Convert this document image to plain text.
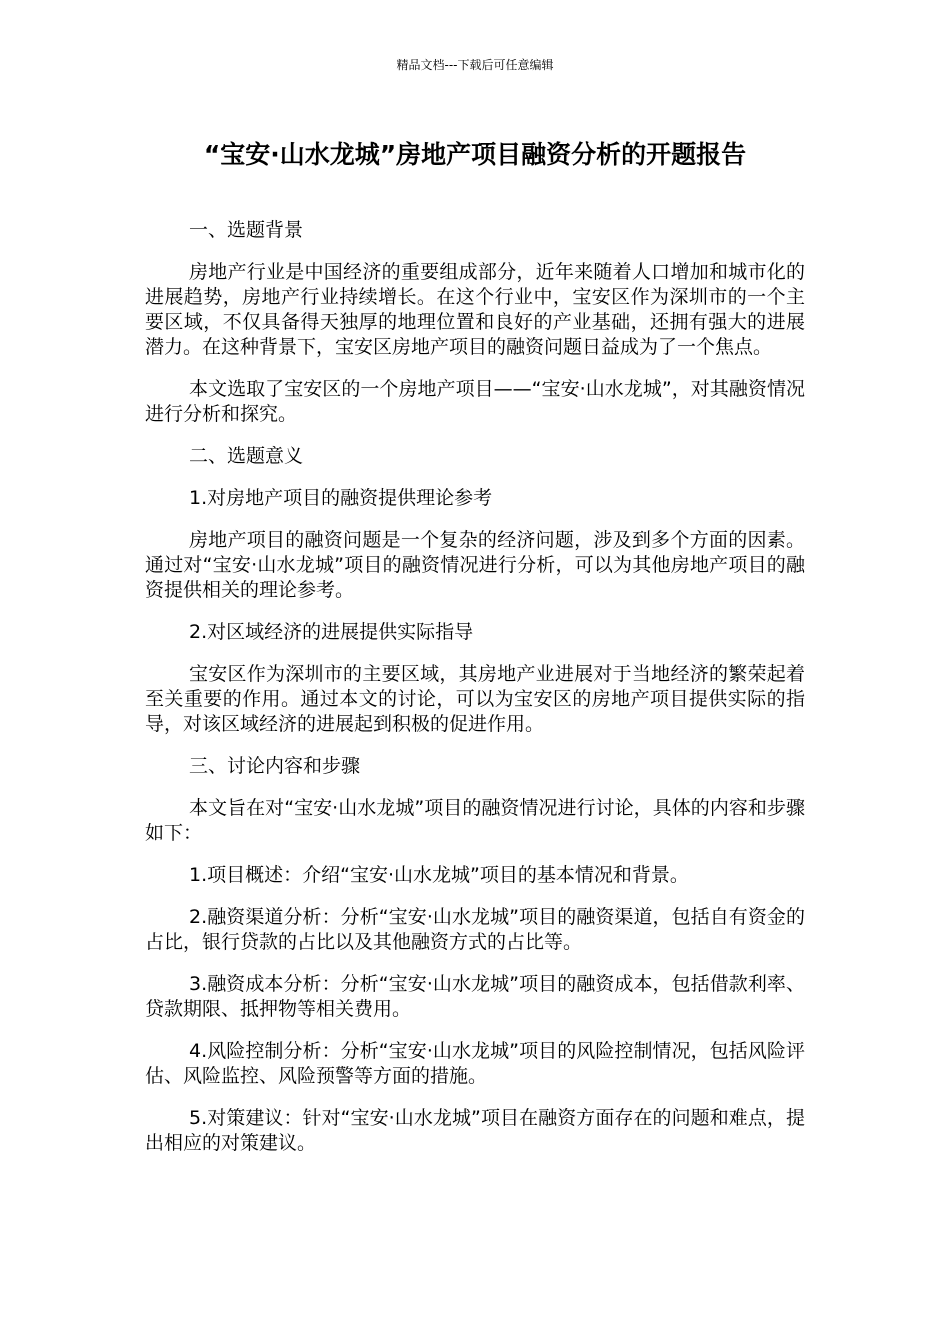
精品文档---下载后可任意编辑
“宝安·山水龙城”房地产项目融资分析的开题报告

一、选题背景

房地产行业是中国经济的重要组成部分，近年来随着人口增加和城市化的进展趋势，房地产行业持续增长。在这个行业中，宝安区作为深圳市的一个主要区域，不仅具备得天独厚的地理位置和良好的产业基础，还拥有强大的进展潜力。在这种背景下，宝安区房地产项目的融资问题日益成为了一个焦点。

本文选取了宝安区的一个房地产项目——“宝安·山水龙城”，对其融资情况进行分析和探究。

二、选题意义

1.对房地产项目的融资提供理论参考

房地产项目的融资问题是一个复杂的经济问题，涉及到多个方面的因素。通过对“宝安·山水龙城”项目的融资情况进行分析，可以为其他房地产项目的融资提供相关的理论参考。

2.对区域经济的进展提供实际指导

宝安区作为深圳市的主要区域，其房地产业进展对于当地经济的繁荣起着至关重要的作用。通过本文的讨论，可以为宝安区的房地产项目提供实际的指导，对该区域经济的进展起到积极的促进作用。

三、讨论内容和步骤

本文旨在对“宝安·山水龙城”项目的融资情况进行讨论，具体的内容和步骤如下：

1.项目概述：介绍“宝安·山水龙城”项目的基本情况和背景。

2.融资渠道分析：分析“宝安·山水龙城”项目的融资渠道，包括自有资金的占比，银行贷款的占比以及其他融资方式的占比等。

3.融资成本分析：分析“宝安·山水龙城”项目的融资成本，包括借款利率、贷款期限、抵押物等相关费用。

4.风险控制分析：分析“宝安·山水龙城”项目的风险控制情况，包括风险评估、风险监控、风险预警等方面的措施。

5.对策建议：针对“宝安·山水龙城”项目在融资方面存在的问题和难点，提出相应的对策建议。
